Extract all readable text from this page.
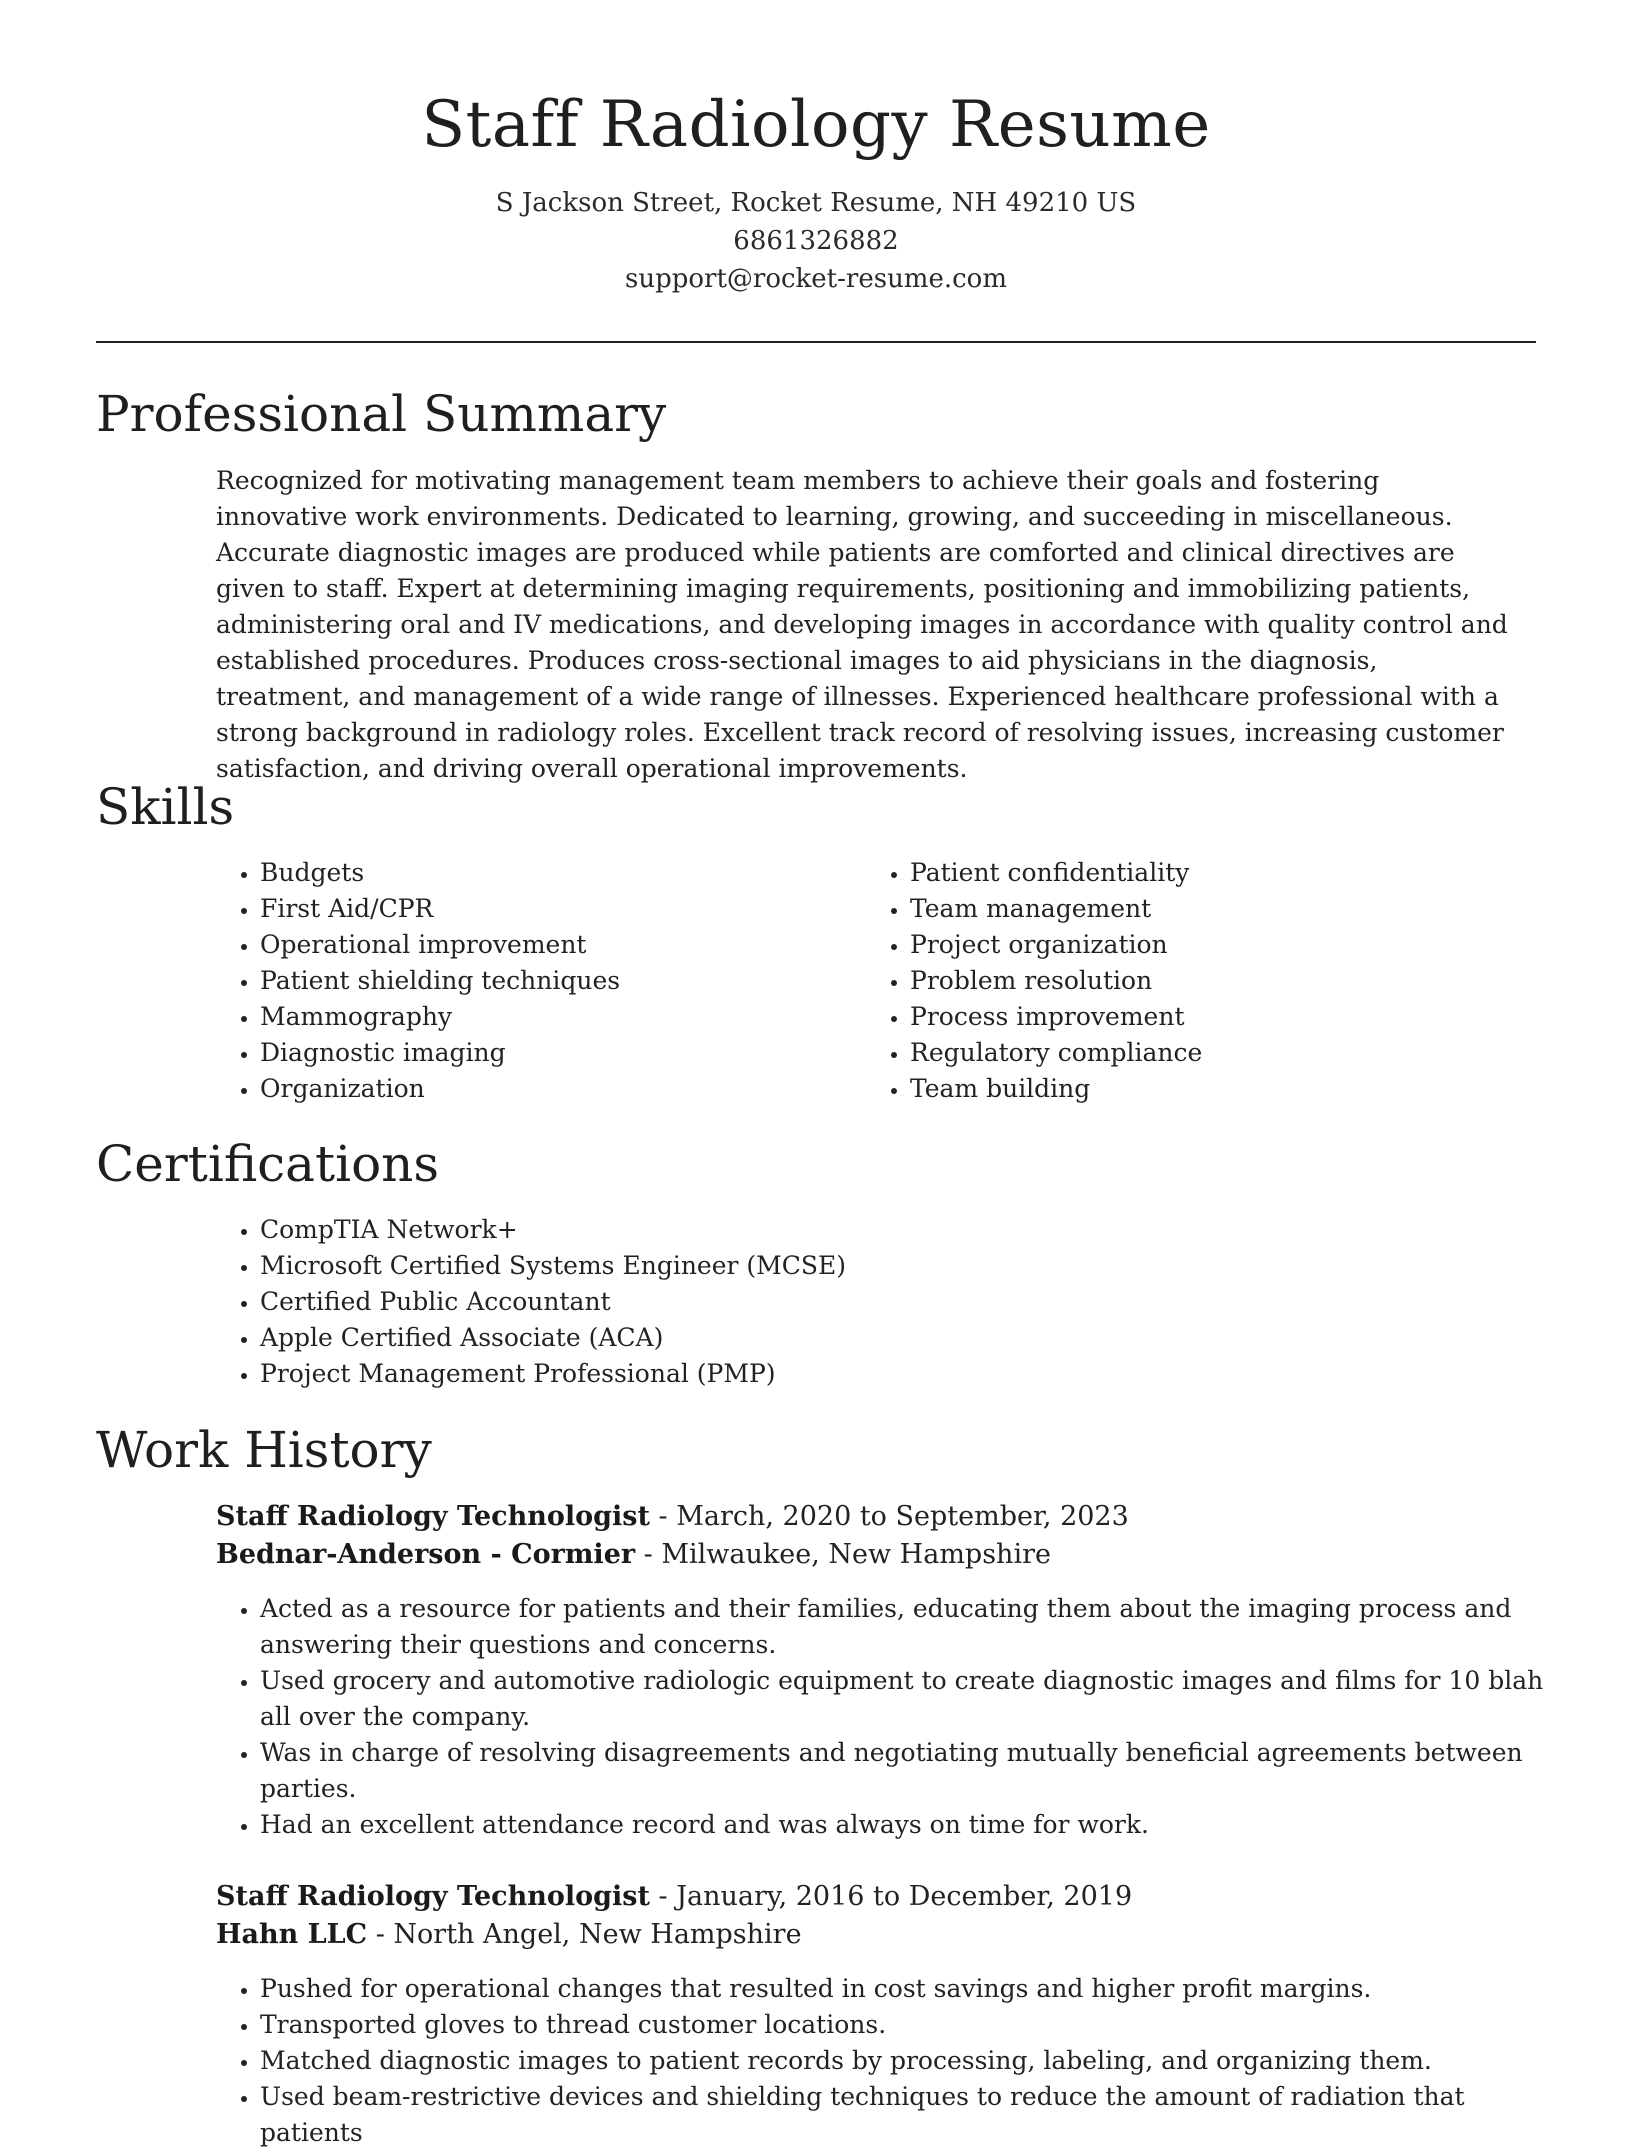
Staff Radiology Resume
S Jackson Street, Rocket Resume, NH 49210 US
6861326882
support@rocket-resume.com
Professional Summary

Recognized for motivating management team members to achieve their goals and fostering innovative work environments. Dedicated to learning, growing, and succeeding in miscellaneous. Accurate diagnostic images are produced while patients are comforted and clinical directives are given to staff. Expert at determining imaging requirements, positioning and immobilizing patients, administering oral and IV medications, and developing images in accordance with quality control and established procedures. Produces cross-sectional images to aid physicians in the diagnosis, treatment, and management of a wide range of illnesses. Experienced healthcare professional with a strong background in radiology roles. Excellent track record of resolving issues, increasing customer satisfaction, and driving overall operational improvements.

Skills
• Budgets
• First Aid/CPR
• Operational improvement
• Patient shielding techniques
• Mammography
• Diagnostic imaging
• Organization
• Patient confidentiality
• Team management
• Project organization
• Problem resolution
• Process improvement
• Regulatory compliance
• Team building
Certifications
• CompTIA Network+
• Microsoft Certified Systems Engineer (MCSE)
• Certified Public Accountant
• Apple Certified Associate (ACA)
• Project Management Professional (PMP)
Work History
Staff Radiology Technologist - March, 2020 to September, 2023
Bednar-Anderson - Cormier - Milwaukee, New Hampshire
• Acted as a resource for patients and their families, educating them about the imaging process and answering their questions and concerns.
• Used grocery and automotive radiologic equipment to create diagnostic images and films for 10 blah all over the company.
• Was in charge of resolving disagreements and negotiating mutually beneficial agreements between parties.
• Had an excellent attendance record and was always on time for work.
Staff Radiology Technologist - January, 2016 to December, 2019
Hahn LLC - North Angel, New Hampshire
• Pushed for operational changes that resulted in cost savings and higher profit margins.
• Transported gloves to thread customer locations.
• Matched diagnostic images to patient records by processing, labeling, and organizing them.
• Used beam-restrictive devices and shielding techniques to reduce the amount of radiation that patients
